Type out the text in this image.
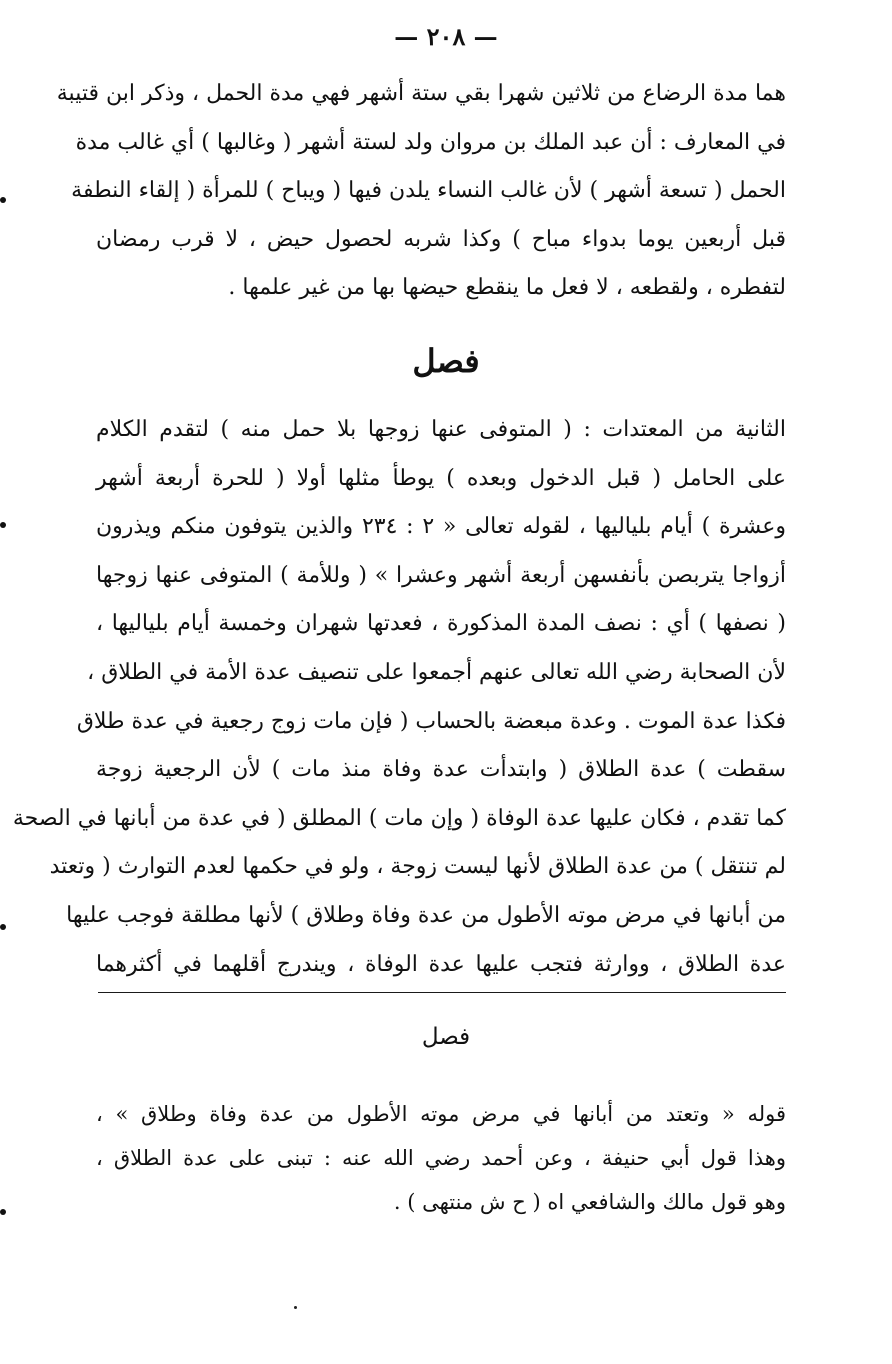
— ٢٠٨ —
هما مدة الرضاع من ثلاثين شهرا بقي ستة أشهر فهي مدة الحمل ، وذكر ابن قتيبة
في المعارف : أن عبد الملك بن مروان ولد لستة أشهر ( وغالبها ) أي غالب مدة
الحمل ( تسعة أشهر ) لأن غالب النساء يلدن فيها ( ويباح ) للمرأة ( إلقاء النطفة
قبل أربعين يوما بدواء مباح ) وكذا شربه لحصول حيض ، لا قرب رمضان
لتفطره ، ولقطعه ، لا فعل ما ينقطع حيضها بها من غير علمها .
فصل
الثانية من المعتدات : ( المتوفى عنها زوجها بلا حمل منه ) لتقدم الكلام
على الحامل ( قبل الدخول وبعده ) يوطأ مثلها أولا ( للحرة أربعة أشهر
وعشرة ) أيام بلياليها ، لقوله تعالى « ٢ : ٢٣٤ والذين يتوفون منكم ويذرون
أزواجا يتربصن بأنفسهن أربعة أشهر وعشرا » ( وللأمة ) المتوفى عنها زوجها
( نصفها ) أي : نصف المدة المذكورة ، فعدتها شهران وخمسة أيام بلياليها ،
لأن الصحابة رضي الله تعالى عنهم أجمعوا على تنصيف عدة الأمة في الطلاق ،
فكذا عدة الموت . وعدة مبعضة بالحساب ( فإن مات زوج رجعية في عدة طلاق
سقطت ) عدة الطلاق ( وابتدأت عدة وفاة منذ مات ) لأن الرجعية زوجة
كما تقدم ، فكان عليها عدة الوفاة ( وإن مات ) المطلق ( في عدة من أبانها في الصحة
لم تنتقل ) من عدة الطلاق لأنها ليست زوجة ، ولو في حكمها لعدم التوارث ( وتعتد
من أبانها في مرض موته الأطول من عدة وفاة وطلاق ) لأنها مطلقة فوجب عليها
عدة الطلاق ، ووارثة فتجب عليها عدة الوفاة ، ويندرج أقلهما في أكثرهما
فصل
قوله « وتعتد من أبانها في مرض موته الأطول من عدة وفاة وطلاق » ،
وهذا قول أبي حنيفة ، وعن أحمد رضي الله عنه : تبنى على عدة الطلاق ،
وهو قول مالك والشافعي اه ( ح ش منتهى ) .
